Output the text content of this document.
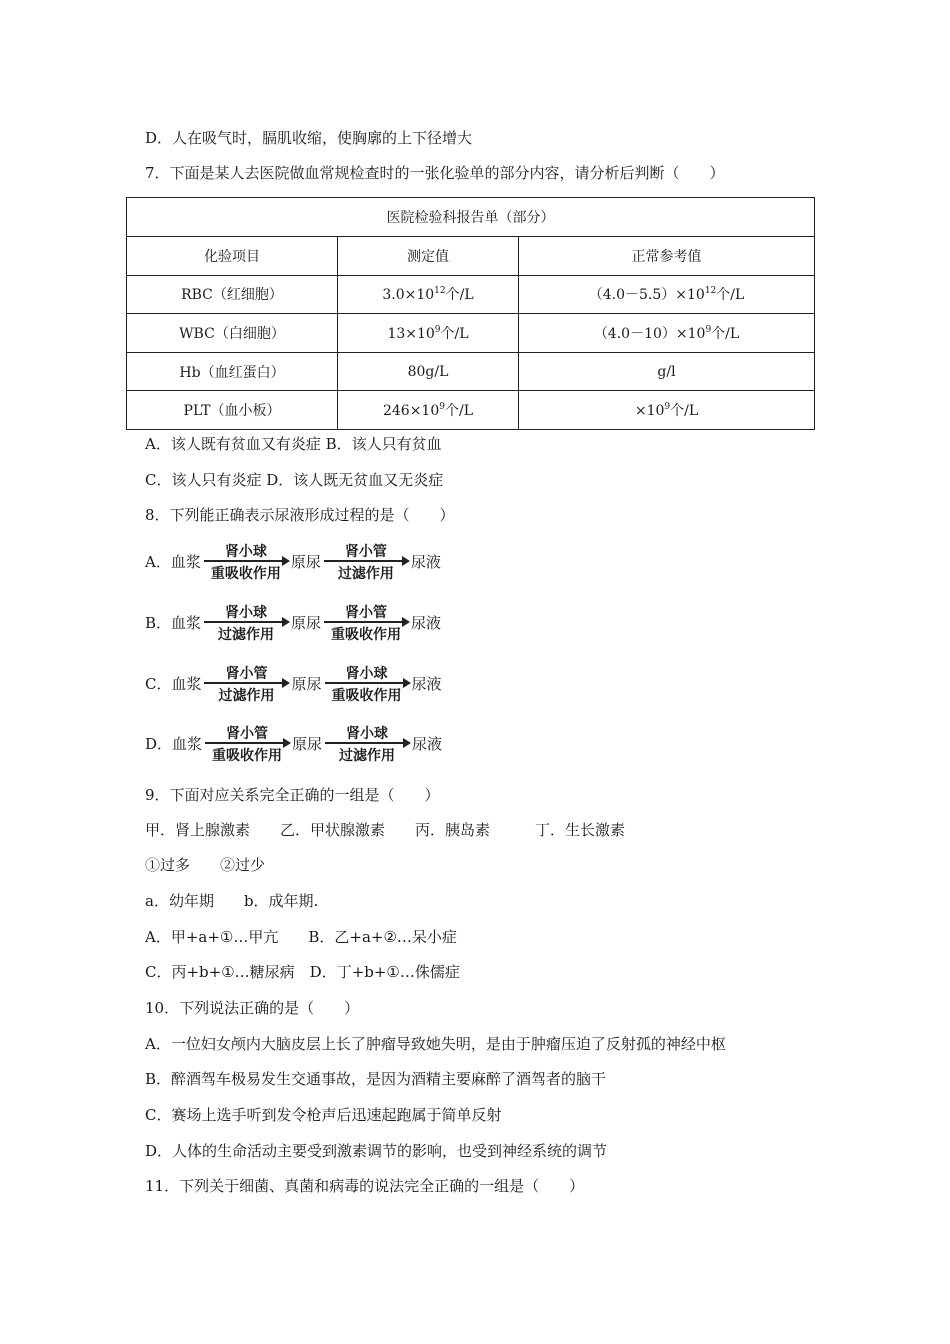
D．人在吸气时，膈肌收缩，使胸廓的上下径增大
7．下面是某人去医院做血常规检查时的一张化验单的部分内容，请分析后判断（　　）
医院检验科报告单（部分）		
化验项目	测定值	正常参考值
RBC（红细胞）	$3.0\times 10^{12}$个/L	$(4.0-5.5)\times 10^{12}$个/L
WBC（白细胞）	$13\times 10^9$个/L	$(4.0-10)\times 10^9$个/L
Hb（血红蛋白）	80g/L	g/l
PLT（血小板）	$246\times 10^9$个/L	$\times 10^9$个/L
A．该人既有贫血又有炎症 B．该人只有贫血
C．该人只有炎症 D．该人既无贫血又无炎症
8．下列能正确表示尿液形成过程的是（　　）
A．血浆
肾小球
重吸收作用
原尿
肾小管
过滤作用
尿液
B．血浆
肾小球
过滤作用
原尿
肾小管
重吸收作用
尿液
C．血浆
肾小管
过滤作用
原尿
肾小球
重吸收作用
尿液
D．血浆
肾小管
重吸收作用
原尿
肾小球
过滤作用
尿液
9．下面对应关系完全正确的一组是（　　）
甲．肾上腺激素　　乙．甲状腺激素　　丙．胰岛素　　　丁．生长激素
①过多　　②过少
a．幼年期　　b．成年期.
A．甲+a+①…甲亢　　B．乙+a+②…呆小症
C．丙+b+①…糖尿病　D．丁+b+①…侏儒症
10．下列说法正确的是（　　）
A．一位妇女颅内大脑皮层上长了肿瘤导致她失明，是由于肿瘤压迫了反射孤的神经中枢
B．醉酒驾车极易发生交通事故，是因为酒精主要麻醉了酒驾者的脑干
C．赛场上选手听到发令枪声后迅速起跑属于简单反射
D．人体的生命活动主要受到激素调节的影响，也受到神经系统的调节
11．下列关于细菌、真菌和病毒的说法完全正确的一组是（　　）
